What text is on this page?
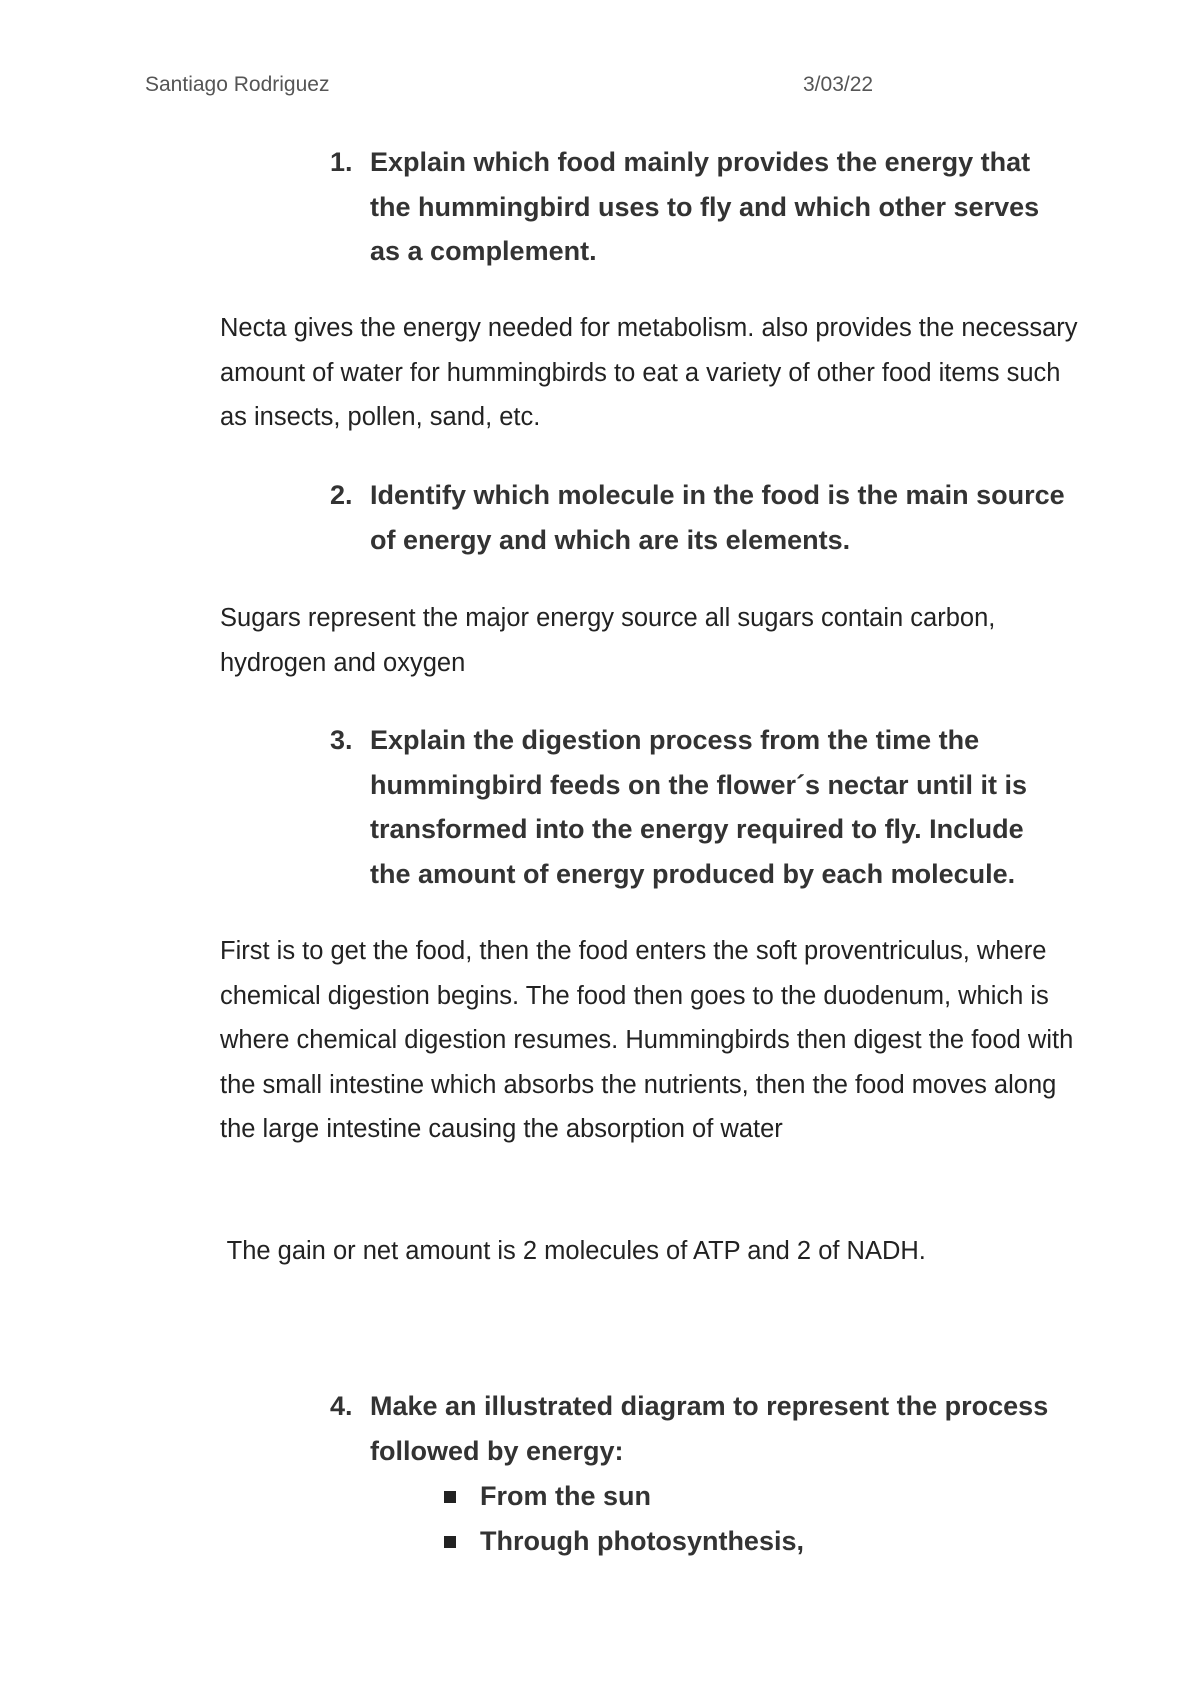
Santiago Rodriguez	3/03/22
1. Explain which food mainly provides the energy that the hummingbird uses to fly and which other serves as a complement.
Necta gives the energy needed for metabolism. also provides the necessary amount of water for hummingbirds to eat a variety of other food items such as insects, pollen, sand, etc.
2. Identify which molecule in the food is the main source of energy and which are its elements.
Sugars represent the major energy source all sugars contain carbon, hydrogen and oxygen
3. Explain the digestion process from the time the hummingbird feeds on the flower´s nectar until it is transformed into the energy required to fly. Include the amount of energy produced by each molecule.
First is to get the food, then the food enters the soft proventriculus, where chemical digestion begins. The food then goes to the duodenum, which is where chemical digestion resumes. Hummingbirds then digest the food with the small intestine which absorbs the nutrients, then the food moves along the large intestine causing the absorption of water
The gain or net amount is 2 molecules of ATP and 2 of NADH.
4. Make an illustrated diagram to represent the process followed by energy:
From the sun
Through photosynthesis,
